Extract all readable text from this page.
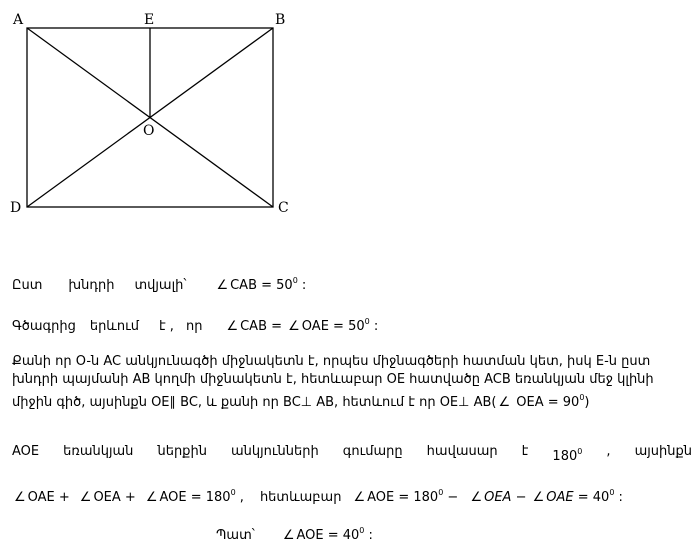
A	E	B
O
D	C
Ըստ խնդրի տվյալի՝ ∠ CAB = $50^0$ :
Գծագրից երևում է , որ ∠ CAB = ∠ OAE = $50^0$ :
Քանի որ O-ն AC անկյունագծի միջնակետն է, որպես միջնագծերի հատման կետ, իսկ E-ն ըստ
խնդրի պայմանի AB կողմի միջնակետն է, հետևաբար OE հատվածը ACB եռանկյան մեջ կլինի
միջին գիծ, այսինքն OE∥ BC, և քանի որ BC⊥ AB, հետևում է որ OE⊥ AB( ∠ OEA = $90^0$)
AOE եռանկյան ներքին անկյունների գումարը հավասար է $180^0$ , այսինքն
∠ OAE + ∠ OEA + ∠ AOE = $180^0$ , հետևաբար ∠ AOE = $180^0$ − ∠ OEA − ∠ OAE = $40^0$ :
Պատ՝ ∠ AOE = $40^0$ :
